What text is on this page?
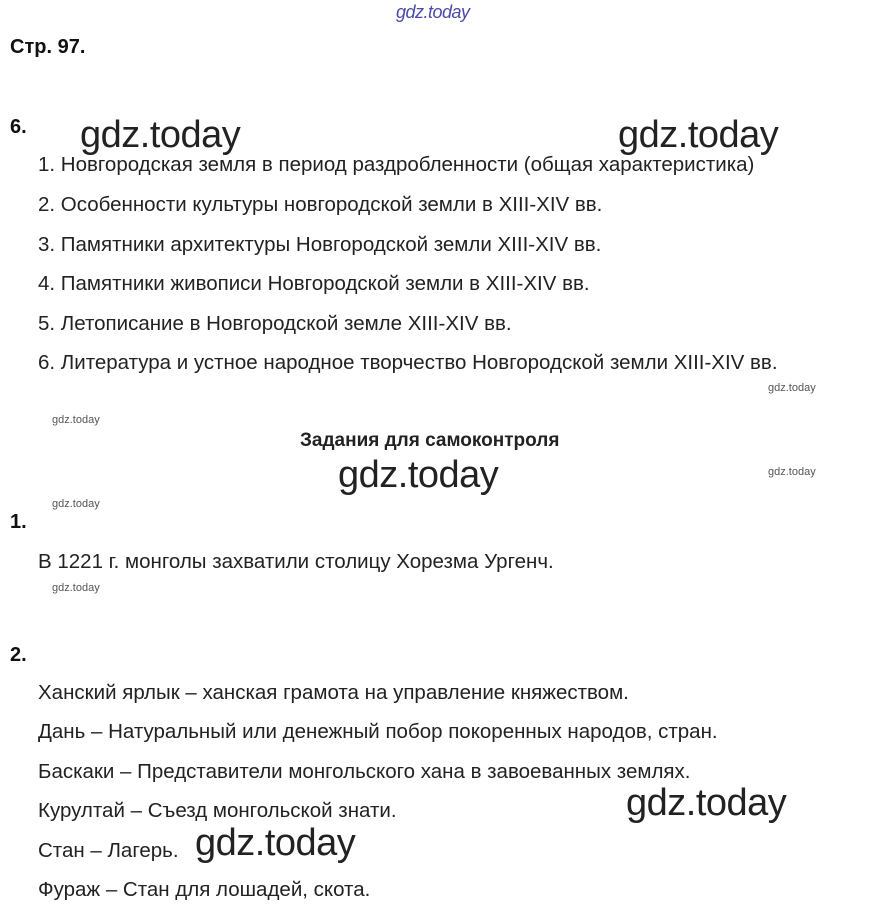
gdz.today
Стр. 97.
6. gdz.today	gdz.today
1. Новгородская земля в период раздробленности (общая характеристика)
2. Особенности культуры новгородской земли в XIII-XIV вв.
3. Памятники архитектуры Новгородской земли XIII-XIV вв.
4. Памятники живописи Новгородской земли в XIII-XIV вв.
5. Летописание в Новгородской земле XIII-XIV вв.
6. Литература и устное народное творчество Новгородской земли XIII-XIV вв.
gdz.today
gdz.today
Задания для самоконтроля
gdz.today	gdz.today
gdz.today
1.
В 1221 г. монголы захватили столицу Хорезма Ургенч.
gdz.today
2.
Ханский ярлык – ханская грамота на управление княжеством.
Дань – Натуральный или денежный побор покоренных народов, стран.
Баскаки – Представители монгольского хана в завоеванных землях.
Курултай – Съезд монгольской знати.
Стан – Лагерь.
Фураж – Стан для лошадей, скота.
gdz.today
gdz.today
